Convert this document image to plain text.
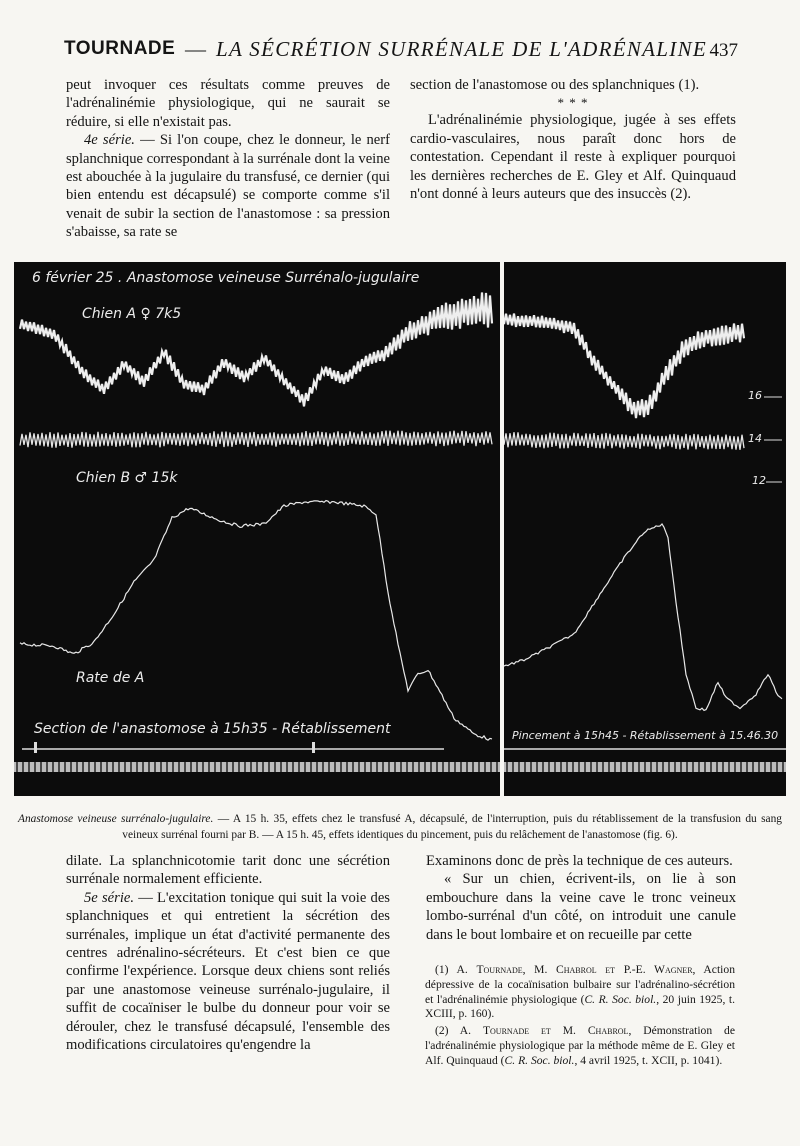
TOURNADE — LA SÉCRÉTION SURRÉNALE DE L'ADRÉNALINE 437

peut invoquer ces résultats comme preuves de l'adrénalinémie physiologique, qui ne saurait se réduire, si elle n'existait pas.

4e série. — Si l'on coupe, chez le donneur, le nerf splanchnique correspondant à la surrénale dont la veine est abouchée à la jugulaire du transfusé, ce dernier (qui bien entendu est décapsulé) se comporte comme s'il venait de subir la section de l'anastomose : sa pression s'abaisse, sa rate se

section de l'anastomose ou des splanchniques (1).

* * *

L'adrénalinémie physiologique, jugée à ses effets cardio-vasculaires, nous paraît donc hors de contestation. Cependant il reste à expliquer pourquoi les dernières recherches de E. Gley et Alf. Quinquaud n'ont donné à leurs auteurs que des insuccès (2).

6 février 25 . Anastomose veineuse Surrénalo-jugulaire
Chien A ♀ 7k5
Chien B ♂ 15k
Rate de A
Section de l'anastomose à 15h35 - Rétablissement
16
14
12
Pincement à 15h45 - Rétablissement à 15.46.30
Anastomose veineuse surrénalo-jugulaire. — A 15 h. 35, effets chez le transfusé A, décapsulé, de l'interruption, puis du rétablissement de la transfusion du sang veineux surrénal fourni par B. — A 15 h. 45, effets identiques du pincement, puis du relâchement de l'anastomose (fig. 6).

dilate. La splanchnicotomie tarit donc une sécrétion surrénale normalement efficiente.

5e série. — L'excitation tonique qui suit la voie des splanchniques et qui entretient la sécrétion des surrénales, implique un état d'activité permanente des centres adrénalino-sécréteurs. Et c'est bien ce que confirme l'expérience. Lorsque deux chiens sont reliés par une anastomose veineuse surrénalo-jugulaire, il suffit de cocaïniser le bulbe du donneur pour voir se dérouler, chez le transfusé décapsulé, l'ensemble des modifications circulatoires qu'engendre la

Examinons donc de près la technique de ces auteurs.

« Sur un chien, écrivent-ils, on lie à son embouchure dans la veine cave le tronc veineux lombo-surrénal d'un côté, on introduit une canule dans le bout lombaire et on recueille par cette

(1) A. Tournade, M. Chabrol et P.-E. Wagner, Action dépressive de la cocaïnisation bulbaire sur l'adrénalino-sécrétion et l'adrénalinémie physiologique (C. R. Soc. biol., 20 juin 1925, t. XCIII, p. 160).

(2) A. Tournade et M. Chabrol, Démonstration de l'adrénalinémie physiologique par la méthode même de E. Gley et Alf. Quinquaud (C. R. Soc. biol., 4 avril 1925, t. XCII, p. 1041).
